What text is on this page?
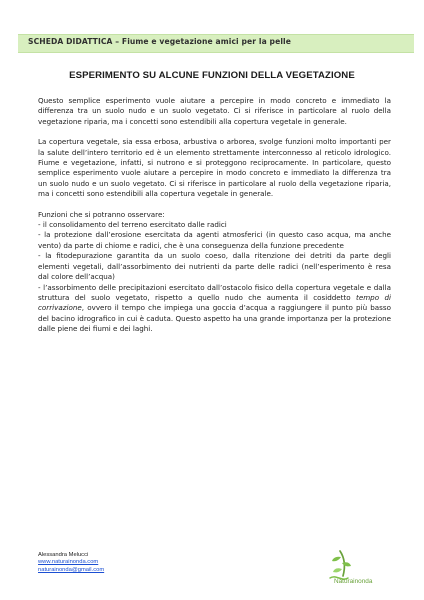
SCHEDA DIDATTICA – Fiume e vegetazione amici per la pelle
ESPERIMENTO SU ALCUNE FUNZIONI DELLA VEGETAZIONE

Questo semplice esperimento vuole aiutare a percepire in modo concreto e immediato la differenza tra un suolo nudo e un suolo vegetato. Ci si riferisce in particolare al ruolo della vegetazione riparia, ma i concetti sono estendibili alla copertura vegetale in generale.

La copertura vegetale, sia essa erbosa, arbustiva o arborea, svolge funzioni molto importanti per la salute dell’intero territorio ed è un elemento strettamente interconnesso al reticolo idrologico. Fiume e vegetazione, infatti, si nutrono e si proteggono reciprocamente. In particolare, questo semplice esperimento vuole aiutare a percepire in modo concreto e immediato la differenza tra un suolo nudo e un suolo vegetato. Ci si riferisce in particolare al ruolo della vegetazione riparia, ma i concetti sono estendibili alla copertura vegetale in generale.

Funzioni che si potranno osservare:

- il consolidamento del terreno esercitato dalle radici

- la protezione dall’erosione esercitata da agenti atmosferici (in questo caso acqua, ma anche vento) da parte di chiome e radici, che è una conseguenza della funzione precedente

- la fitodepurazione garantita da un suolo coeso, dalla ritenzione dei detriti da parte degli elementi vegetali, dall’assorbimento dei nutrienti da parte delle radici (nell’esperimento è resa dal colore dell’acqua)

- l’assorbimento delle precipitazioni esercitato dall’ostacolo fisico della copertura vegetale e dalla struttura del suolo vegetato, rispetto a quello nudo che aumenta il cosiddetto tempo di corrivazione, ovvero il tempo che impiega una goccia d’acqua a raggiungere il punto più basso del bacino idrografico in cui è caduta. Questo aspetto ha una grande importanza per la protezione dalle piene dei fiumi e dei laghi.

Alessandra Melucci
www.naturainonda.com
naturainonda@gmail.com
Naturainonda
